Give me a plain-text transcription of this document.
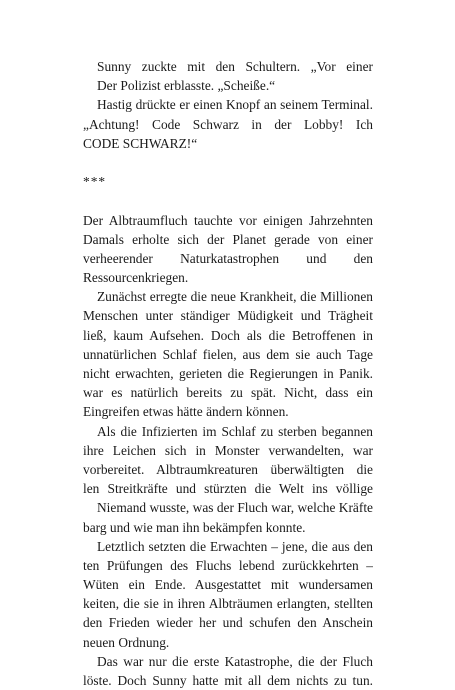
Sunny zuckte mit den Schultern. „Vor einer
Der Polizist erblasste. „Scheiße.“
Hastig drückte er einen Knopf an seinem Terminal.
„Achtung! Code Schwarz in der Lobby! Ich
CODE SCHWARZ!“
***
Der Albtraumfluch tauchte vor einigen Jahrzehnten
Damals erholte sich der Planet gerade von einer
verheerender Naturkatastrophen und den
Ressourcenkriegen.
Zunächst erregte die neue Krankheit, die Millionen
Menschen unter ständiger Müdigkeit und Trägheit
ließ, kaum Aufsehen. Doch als die Betroffenen in
unnatürlichen Schlaf fielen, aus dem sie auch Tage
nicht erwachten, gerieten die Regierungen in Panik.
war es natürlich bereits zu spät. Nicht, dass ein
Eingreifen etwas hätte ändern können.
Als die Infizierten im Schlaf zu sterben begannen
ihre Leichen sich in Monster verwandelten, war
vorbereitet. Albtraumkreaturen überwältigten die
len Streitkräfte und stürzten die Welt ins völlige
Niemand wusste, was der Fluch war, welche Kräfte
barg und wie man ihn bekämpfen konnte.
Letztlich setzten die Erwachten – jene, die aus den
ten Prüfungen des Fluchs lebend zurückkehrten –
Wüten ein Ende. Ausgestattet mit wundersamen
keiten, die sie in ihren Albträumen erlangten, stellten
den Frieden wieder her und schufen den Anschein
neuen Ordnung.
Das war nur die erste Katastrophe, die der Fluch
löste. Doch Sunny hatte mit all dem nichts zu tun.
